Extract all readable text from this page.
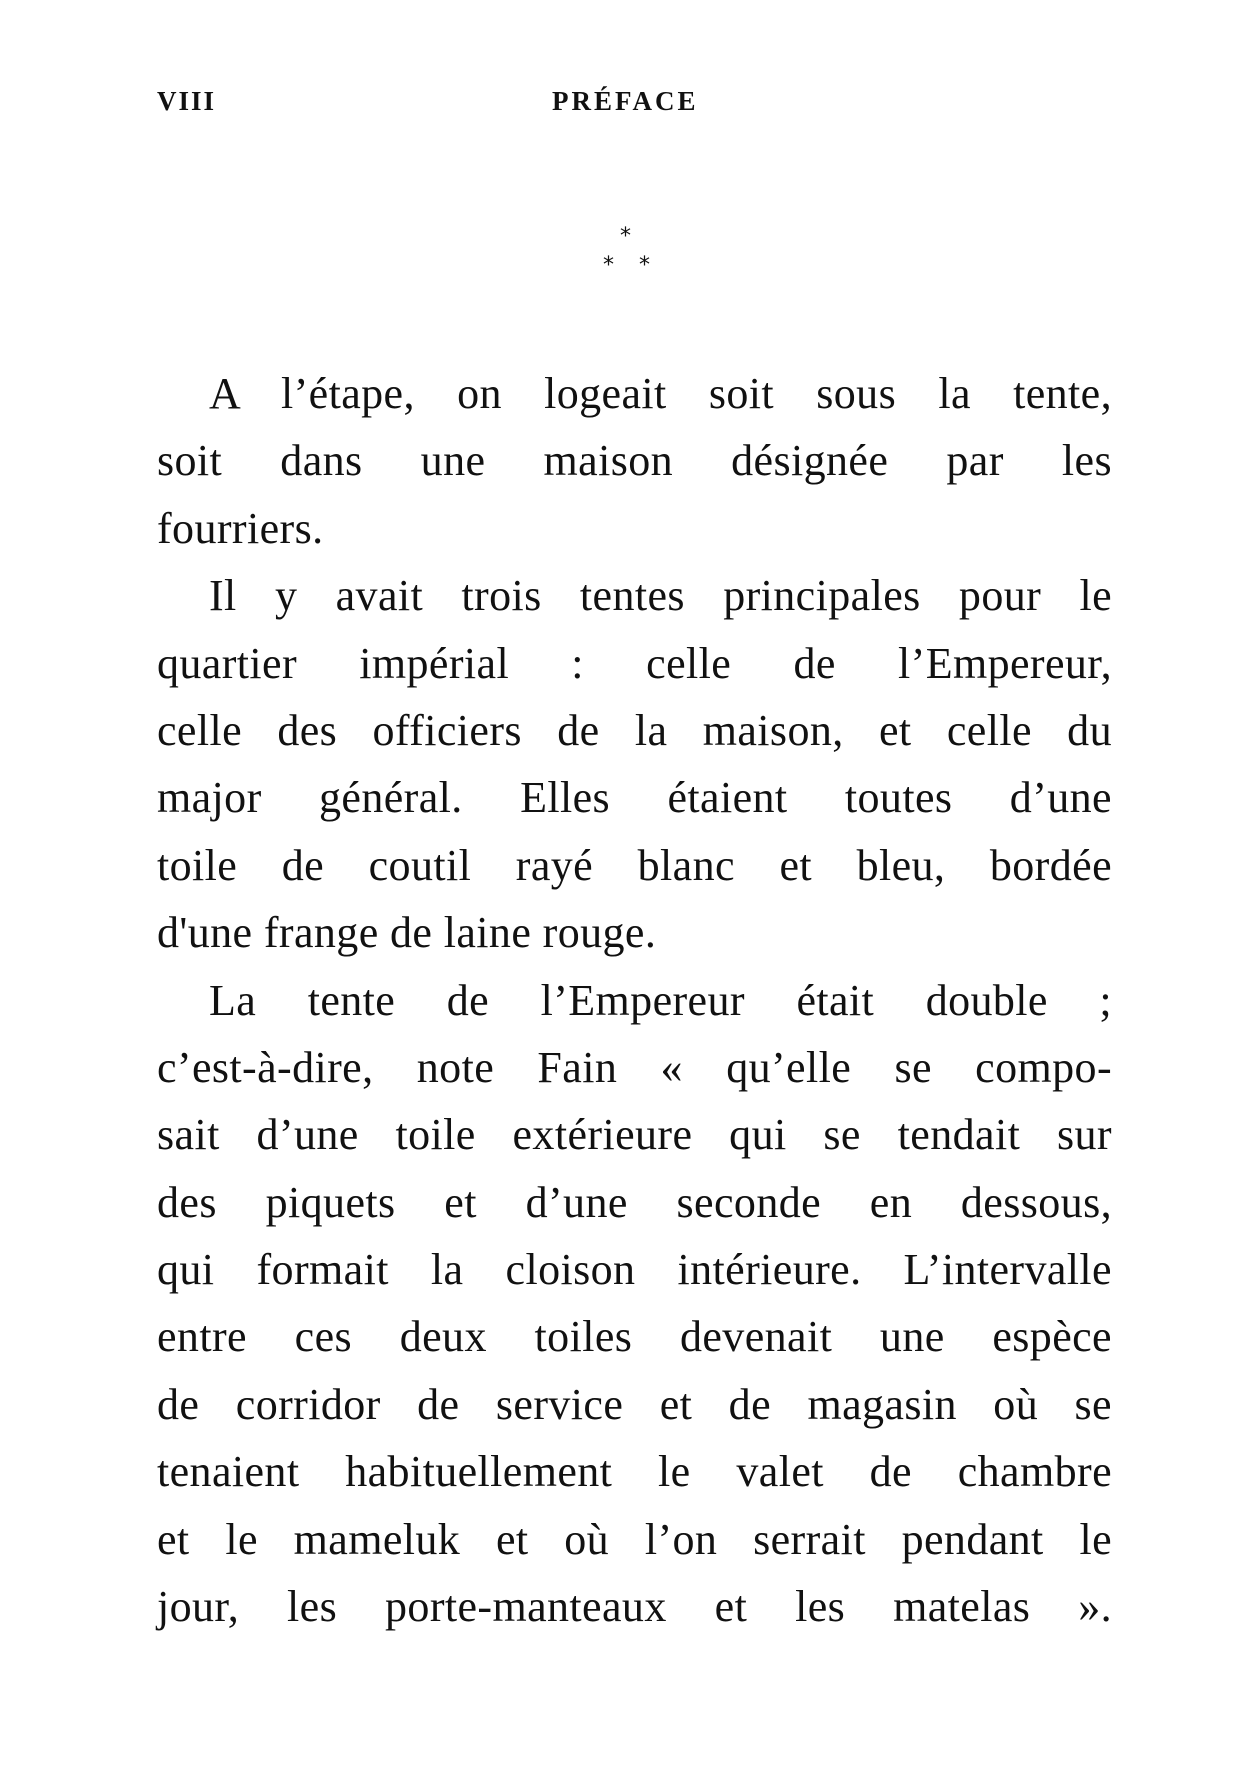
VIII	PRÉFACE
*
* *
A l’étape, on logeait soit sous la tente,
soit dans une maison désignée par les
fourriers.
Il y avait trois tentes principales pour le
quartier impérial : celle de l’Empereur,
celle des officiers de la maison, et celle du
major général. Elles étaient toutes d’une
toile de coutil rayé blanc et bleu, bordée
d'une frange de laine rouge.
La tente de l’Empereur était double ;
c’est-à-dire, note Fain « qu’elle se compo-
sait d’une toile extérieure qui se tendait sur
des piquets et d’une seconde en dessous,
qui formait la cloison intérieure. L’intervalle
entre ces deux toiles devenait une espèce
de corridor de service et de magasin où se
tenaient habituellement le valet de chambre
et le mameluk et où l’on serrait pendant le
jour, les porte-manteaux et les matelas ».
